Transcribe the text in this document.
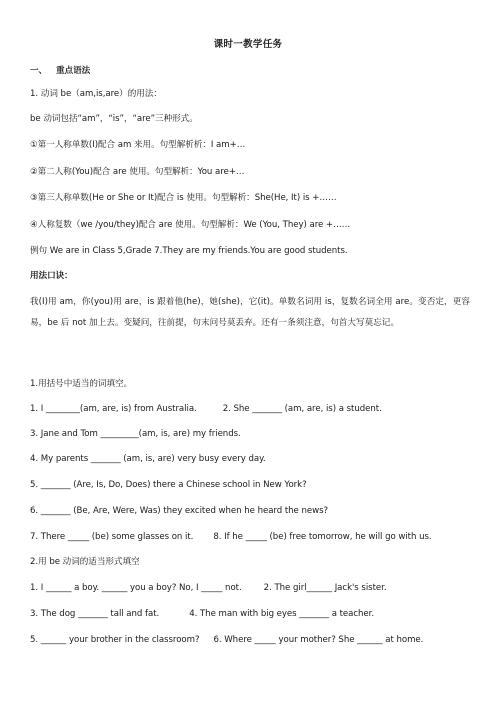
课时一教学任务
一、 重点语法
1. 动词 be（am,is,are）的用法：
be 动词包括“am”，“is”，“are”三种形式。
①第一人称单数(I)配合 am 来用。句型解析析：I am+…
②第二人称(You)配合 are 使用。句型解析：You are+…
③第三人称单数(He or She or It)配合 is 使用。句型解析：She(He, It) is +……
④人称复数（we /you/they)配合 are 使用。句型解析：We (You, They) are +……
例句 We are in Class 5,Grade 7.They are my friends.You are good students.
用法口诀：
我(I)用 am，你(you)用 are，is 跟着他(he)，她(she)，它(it)。单数名词用 is，复数名词全用 are。变否定，更容易，be 后 not 加上去。变疑问，往前提，句末问号莫丢弃。还有一条须注意，句首大写莫忘记。
1.用括号中适当的词填空。
1. I ________(am, are, is) from Australia.	2. She _______ (am, are, is) a student.
3. Jane and Tom _________(am, is, are) my friends.
4. My parents _______ (am, is, are) very busy every day.
5. _______ (Are, Is, Do, Does) there a Chinese school in New York?
6. _______ (Be, Are, Were, Was) they excited when he heard the news?
7. There _____ (be) some glasses on it. 8. If he _____ (be) free tomorrow, he will go with us.
2.用 be 动词的适当形式填空
1. I ______ a boy. ______ you a boy? No, I _____ not.	2. The girl______ Jack's sister.
3. The dog _______ tall and fat.	4. The man with big eyes _______ a teacher.
5. ______ your brother in the classroom? 6. Where _____ your mother? She ______ at home.
